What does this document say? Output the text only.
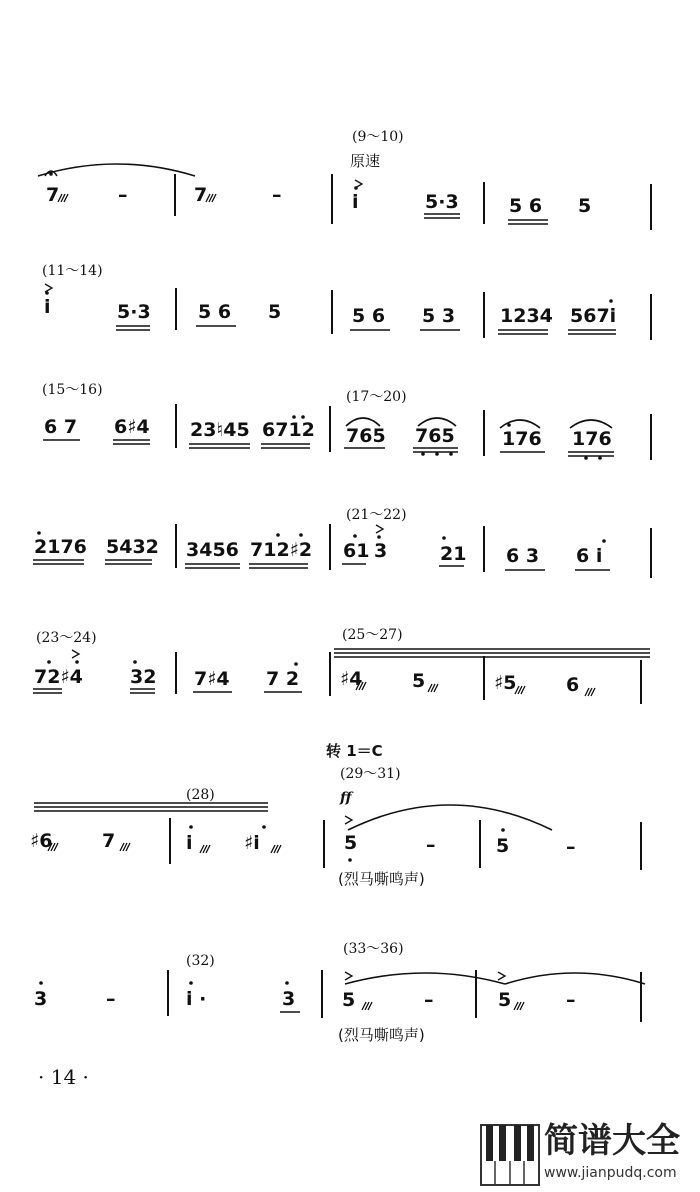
(9～10)
原速
7	–	7	–	i	5·3	5 6 5
(11～14)
i	5·3 5 6 5	5 6 5 3 1234 567i
(15～16)	(17～20)
6 7 6♯4 23♮45 6712 765 765 176 176
(21～22)
2176 5432 3456 712♯2 61 3	21 6 3 6 i
(23～24)	(25～27)
72♯4 32 7♯4 7 2 ♯4	5	♯5	6
转 1＝C
(29～31)
(28)	ff
♯6	7	i	♯i	5	–	5	–
(烈马嘶鸣声)
(32)
(33～36)
3	–	i ·	3 5	–	5	–
(烈马嘶鸣声)
· 14 ·
简谱大全
www.jianpudq.com
